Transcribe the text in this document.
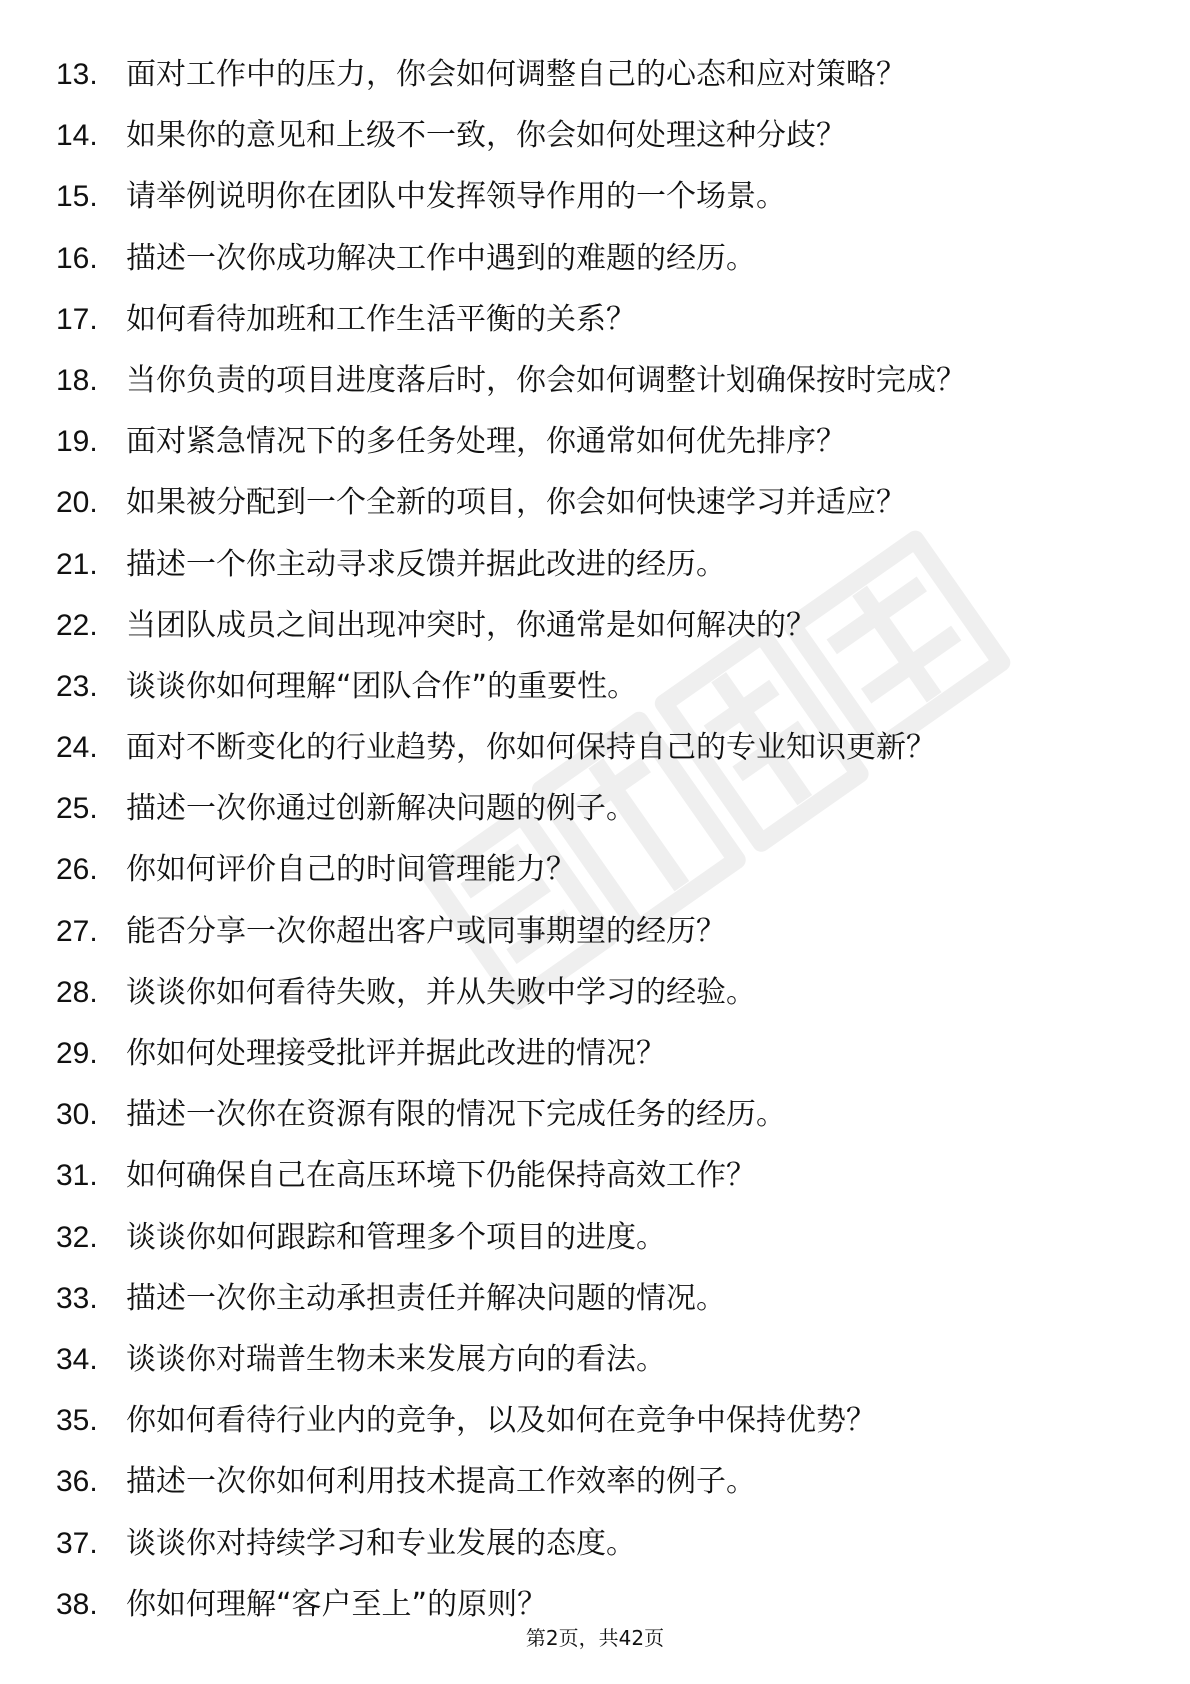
13. 面对工作中的压力，你会如何调整自己的心态和应对策略？
14. 如果你的意见和上级不一致，你会如何处理这种分歧？
15. 请举例说明你在团队中发挥领导作用的一个场景。
16. 描述一次你成功解决工作中遇到的难题的经历。
17. 如何看待加班和工作生活平衡的关系？
18. 当你负责的项目进度落后时，你会如何调整计划确保按时完成？
19. 面对紧急情况下的多任务处理，你通常如何优先排序？
20. 如果被分配到一个全新的项目，你会如何快速学习并适应？
21. 描述一个你主动寻求反馈并据此改进的经历。
22. 当团队成员之间出现冲突时，你通常是如何解决的？
23. 谈谈你如何理解“团队合作”的重要性。
24. 面对不断变化的行业趋势，你如何保持自己的专业知识更新？
25. 描述一次你通过创新解决问题的例子。
26. 你如何评价自己的时间管理能力？
27. 能否分享一次你超出客户或同事期望的经历？
28. 谈谈你如何看待失败，并从失败中学习的经验。
29. 你如何处理接受批评并据此改进的情况？
30. 描述一次你在资源有限的情况下完成任务的经历。
31. 如何确保自己在高压环境下仍能保持高效工作？
32. 谈谈你如何跟踪和管理多个项目的进度。
33. 描述一次你主动承担责任并解决问题的情况。
34. 谈谈你对瑞普生物未来发展方向的看法。
35. 你如何看待行业内的竞争，以及如何在竞争中保持优势？
36. 描述一次你如何利用技术提高工作效率的例子。
37. 谈谈你对持续学习和专业发展的态度。
38. 你如何理解“客户至上”的原则？
第2页，共42页
